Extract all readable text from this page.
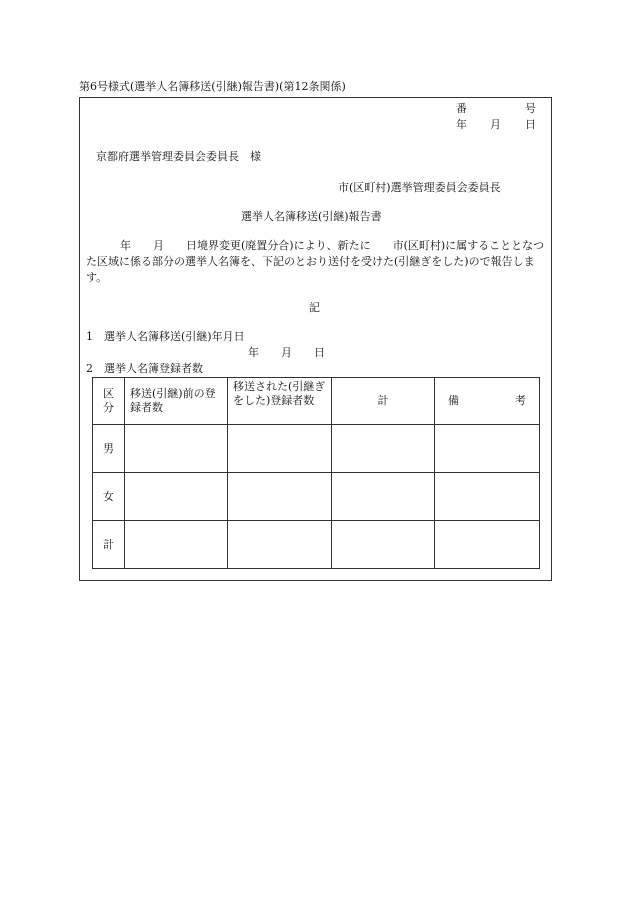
第6号様式(選挙人名簿移送(引継)報告書)(第12条関係)
番	号
年 月 日
京都府選挙管理委員会委員長　様
市(区町村)選挙管理委員会委員長
選挙人名簿移送(引継)報告書
年　　月　　日境界変更(廃置分合)により、新たに　　市(区町村)に属することとなつた区域に係る部分の選挙人名簿を、下記のとおり送付を受けた(引継ぎをした)ので報告します。
記
1　選挙人名簿移送(引継)年月日
年　　月　　日
2　選挙人名簿登録者数
区
分	移送(引継)前の登録者数	移送された(引継ぎをした)登録者数	計	備 考

男				
女				
計				
